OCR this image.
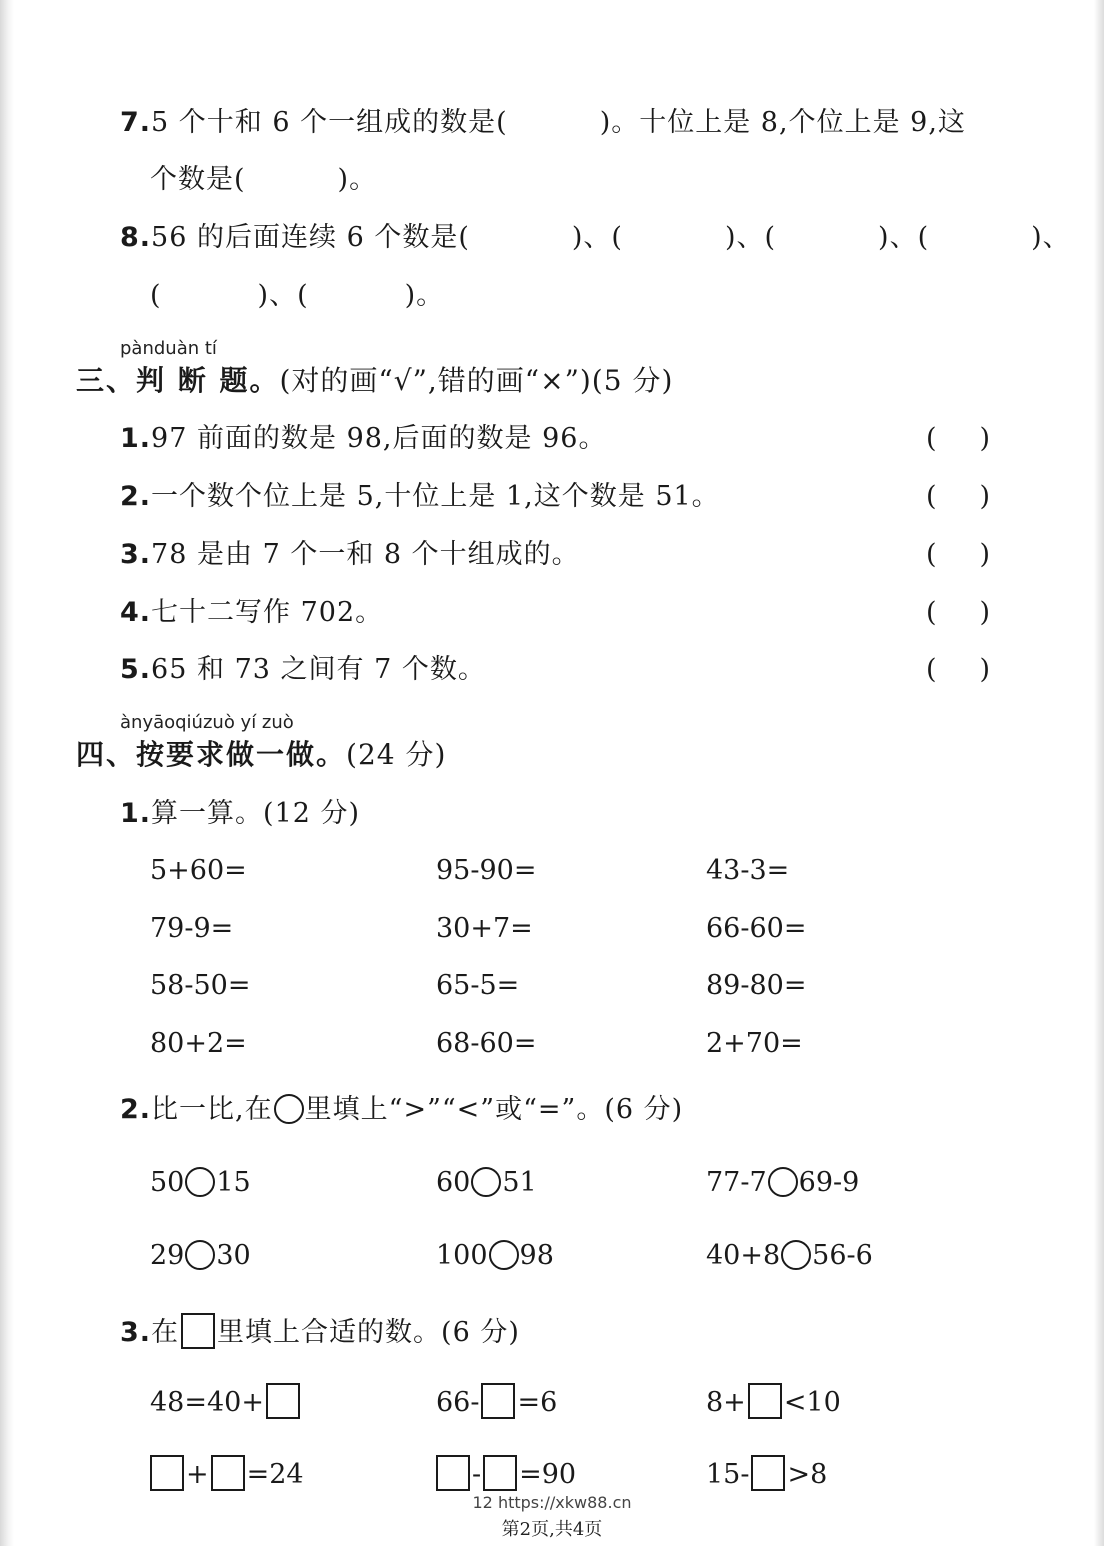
7.5 个十和 6 个一组成的数是(	)。十位上是 8,个位上是 9,这
个数是(	)。
8.56 的后面连续 6 个数是(	)、(	)、(	)、(	)、
(	)、(	)。
pànduàn tí
三、判 断 题。(对的画“√”,错的画“×”)(5 分)
1.97 前面的数是 98,后面的数是 96。	(     )
2.一个数个位上是 5,十位上是 1,这个数是 51。	(     )
3.78 是由 7 个一和 8 个十组成的。	(     )
4.七十二写作 702。	(     )
5.65 和 73 之间有 7 个数。	(     )
ànyāoqiúzuò yí zuò
四、按要求做一做。(24 分)
1.算一算。(12 分)
5+60=	95-90=	43-3=
79-9=	30+7=	66-60=
58-50=	65-5=	89-80=
80+2=	68-60=	2+70=
2.比一比,在 里填上“>”“<”或“=”。(6 分)
50 15	60 51	77-7 69-9
29 30	100 98	40+8 56-6
3.在 里填上合适的数。(6 分)
48=40+	66- =6	8+ <10
+ =24	- =90	15- >8
12 https://xkw88.cn
第2页,共4页
